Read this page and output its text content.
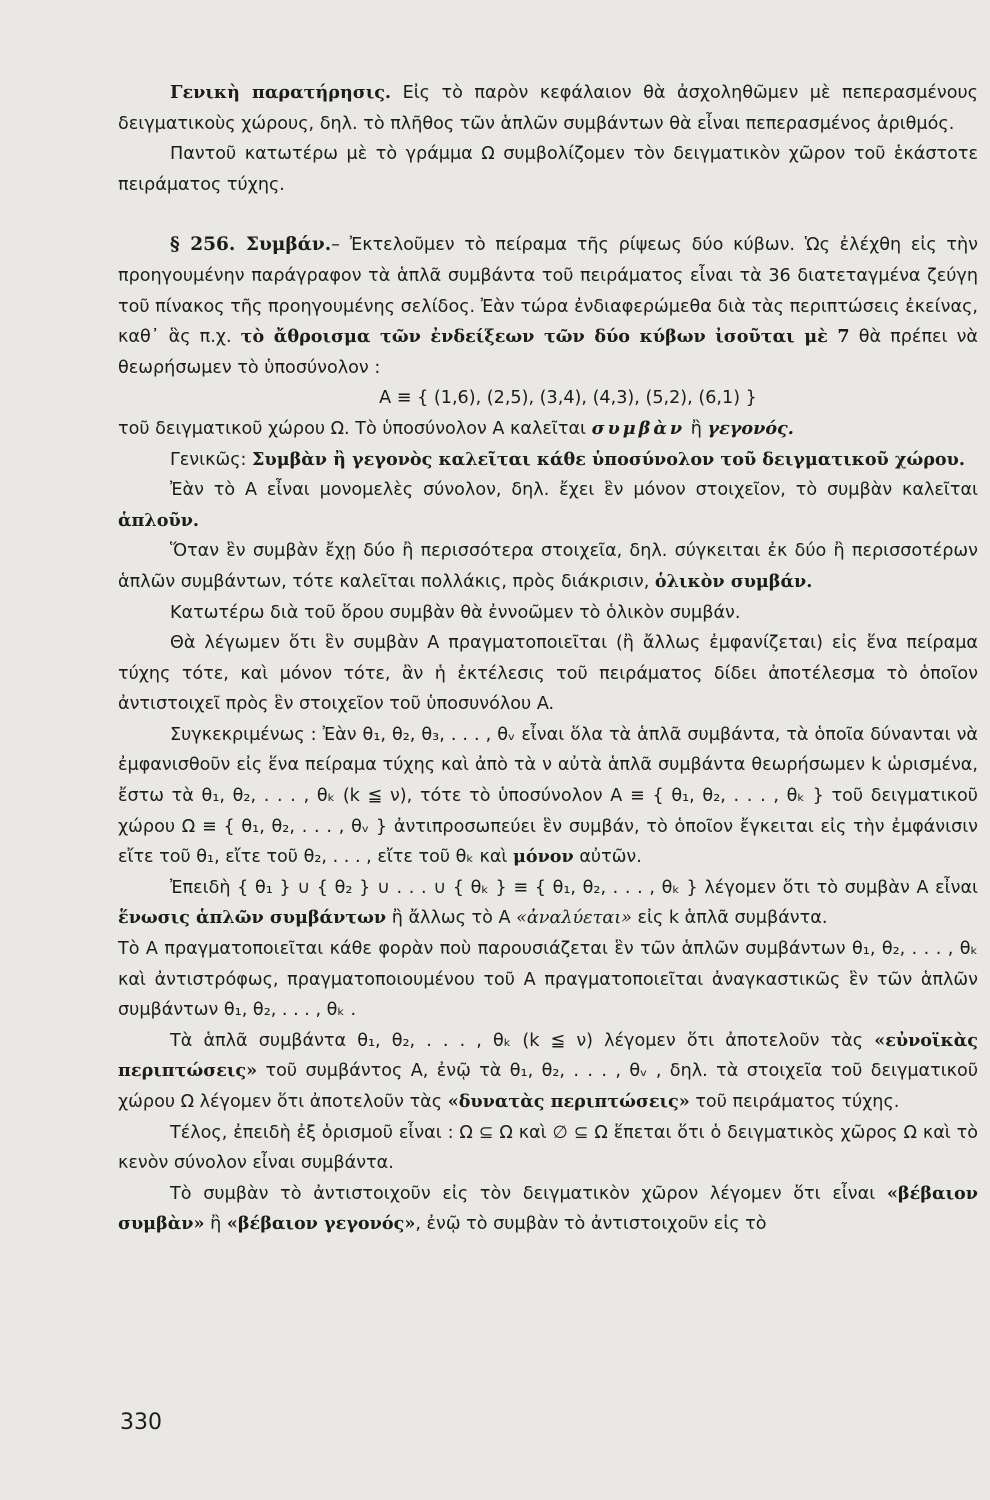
Γενικὴ παρατήρησις. Εἰς τὸ παρὸν κεφάλαιον θὰ ἀσχοληθῶμεν μὲ πεπερασμένους δειγματικοὺς χώρους, δηλ. τὸ πλῆθος τῶν ἁπλῶν συμβάντων θὰ εἶναι πεπερασμένος ἀριθμός.

Παντοῦ κατωτέρω μὲ τὸ γράμμα Ω συμβολίζομεν τὸν δειγματικὸν χῶρον τοῦ ἑκάστοτε πειράματος τύχης.

§ 256. Συμβάν.– Ἐκτελοῦμεν τὸ πείραμα τῆς ρίψεως δύο κύβων. Ὡς ἐλέχθη εἰς τὴν προηγουμένην παράγραφον τὰ ἁπλᾶ συμβάντα τοῦ πειράματος εἶναι τὰ 36 διατεταγμένα ζεύγη τοῦ πίνακος τῆς προηγουμένης σελίδος. Ἐὰν τώρα ἐνδιαφερώμεθα διὰ τὰς περιπτώσεις ἐκείνας, καθ᾽ ἃς π.χ. τὸ ἄθροισμα τῶν ἐνδείξεων τῶν δύο κύβων ἰσοῦται μὲ 7 θὰ πρέπει νὰ θεωρήσωμεν τὸ ὑποσύνολον :

A ≡ { (1,6), (2,5), (3,4), (4,3), (5,2), (6,1) }

τοῦ δειγματικοῦ χώρου Ω. Τὸ ὑποσύνολον A καλεῖται συμβὰν ἢ γεγονός.

Γενικῶς: Συμβὰν ἢ γεγονὸς καλεῖται κάθε ὑποσύνολον τοῦ δειγματικοῦ χώρου.

Ἐὰν τὸ A εἶναι μονομελὲς σύνολον, δηλ. ἔχει ἓν μόνον στοιχεῖον, τὸ συμβὰν καλεῖται ἁπλοῦν.

Ὅταν ἓν συμβὰν ἔχῃ δύο ἢ περισσότερα στοιχεῖα, δηλ. σύγκειται ἐκ δύο ἢ περισσοτέρων ἁπλῶν συμβάντων, τότε καλεῖται πολλάκις, πρὸς διάκρισιν, ὁλικὸν συμβάν.

Κατωτέρω διὰ τοῦ ὅρου συμβὰν θὰ ἐννοῶμεν τὸ ὁλικὸν συμβάν.

Θὰ λέγωμεν ὅτι ἓν συμβὰν A πραγματοποιεῖται (ἢ ἄλλως ἐμφανίζεται) εἰς ἕνα πείραμα τύχης τότε, καὶ μόνον τότε, ἂν ἡ ἐκτέλεσις τοῦ πειράματος δίδει ἀποτέλεσμα τὸ ὁποῖον ἀντιστοιχεῖ πρὸς ἓν στοιχεῖον τοῦ ὑποσυνόλου A.

Συγκεκριμένως : Ἐὰν θ₁, θ₂, θ₃, . . . , θᵥ εἶναι ὅλα τὰ ἁπλᾶ συμβάντα, τὰ ὁποῖα δύνανται νὰ ἐμφανισθοῦν εἰς ἕνα πείραμα τύχης καὶ ἀπὸ τὰ ν αὐτὰ ἁπλᾶ συμβάντα θεωρήσωμεν k ὡρισμένα, ἔστω τὰ θ₁, θ₂, . . . , θₖ (k ≦ ν), τότε τὸ ὑποσύνολον A ≡ { θ₁, θ₂, . . . , θₖ } τοῦ δειγματικοῦ χώρου Ω ≡ { θ₁, θ₂, . . . , θᵥ } ἀντιπροσωπεύει ἓν συμβάν, τὸ ὁποῖον ἔγκειται εἰς τὴν ἐμφάνισιν εἴτε τοῦ θ₁, εἴτε τοῦ θ₂, . . . , εἴτε τοῦ θₖ καὶ μόνον αὐτῶν.

Ἐπειδὴ { θ₁ } ∪ { θ₂ } ∪ . . . ∪ { θₖ } ≡ { θ₁, θ₂, . . . , θₖ } λέγομεν ὅτι τὸ συμβὰν A εἶναι ἕνωσις ἁπλῶν συμβάντων ἢ ἄλλως τὸ A «ἀναλύεται» εἰς k ἁπλᾶ συμβάντα.

Τὸ A πραγματοποιεῖται κάθε φορὰν ποὺ παρουσιάζεται ἓν τῶν ἁπλῶν συμβάντων θ₁, θ₂, . . . , θₖ καὶ ἀντιστρόφως, πραγματοποιουμένου τοῦ A πραγματοποιεῖται ἀναγκαστικῶς ἓν τῶν ἁπλῶν συμβάντων θ₁, θ₂, . . . , θₖ .

Τὰ ἁπλᾶ συμβάντα θ₁, θ₂, . . . , θₖ (k ≦ ν) λέγομεν ὅτι ἀποτελοῦν τὰς «εὐνοϊκὰς περιπτώσεις» τοῦ συμβάντος A, ἐνῷ τὰ θ₁, θ₂, . . . , θᵥ , δηλ. τὰ στοιχεῖα τοῦ δειγματικοῦ χώρου Ω λέγομεν ὅτι ἀποτελοῦν τὰς «δυνατὰς περιπτώσεις» τοῦ πειράματος τύχης.

Τέλος, ἐπειδὴ ἐξ ὁρισμοῦ εἶναι : Ω ⊆ Ω καὶ ∅ ⊆ Ω ἕπεται ὅτι ὁ δειγματικὸς χῶρος Ω καὶ τὸ κενὸν σύνολον εἶναι συμβάντα.

Τὸ συμβὰν τὸ ἀντιστοιχοῦν εἰς τὸν δειγματικὸν χῶρον λέγομεν ὅτι εἶναι «βέβαιον συμβὰν» ἢ «βέβαιον γεγονός», ἐνῷ τὸ συμβὰν τὸ ἀντιστοιχοῦν εἰς τὸ

330
